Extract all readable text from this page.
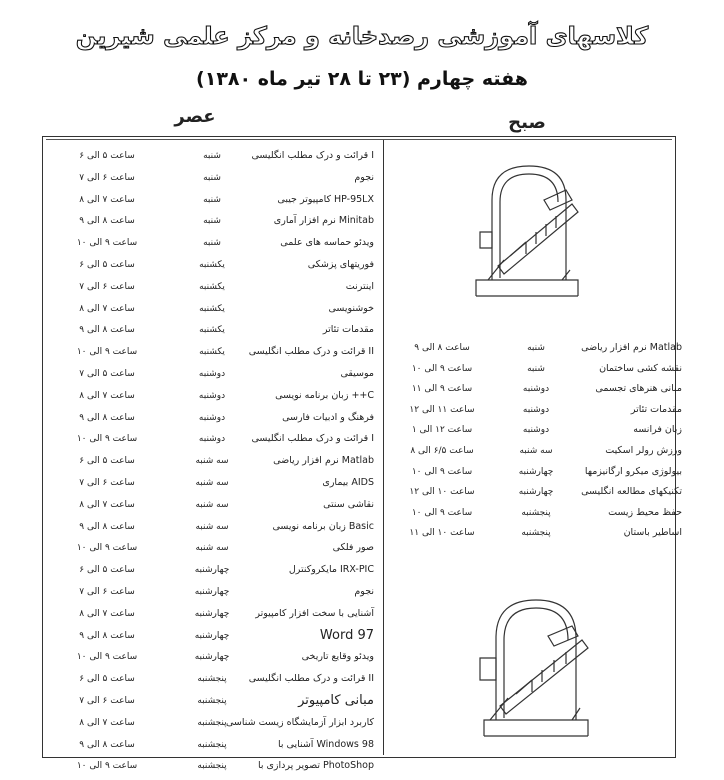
کلاسهای آموزشی رصدخانه و مرکز علمی شیرین
هفته چهارم (۲۳ تا ۲۸ تیر ماه ۱۳۸۰)
عصر	صبح
قرائت و درک مطلب انگلیسی I
شنبه
ساعت ۵ الی ۶
نجوم
شنبه
ساعت ۶ الی ۷
کامپیوتر جیبی HP-95LX
شنبه
ساعت ۷ الی ۸
نرم افزار آماری Minitab
شنبه
ساعت ۸ الی ۹
ویدئو حماسه های علمی
شنبه
ساعت ۹ الی ۱۰
فوریتهای پزشکی
یکشنبه
ساعت ۵ الی ۶
اینترنت
یکشنبه
ساعت ۶ الی ۷
خوشنویسی
یکشنبه
ساعت ۷ الی ۸
مقدمات تئاتر
یکشنبه
ساعت ۸ الی ۹
قرائت و درک مطلب انگلیسی II
یکشنبه
ساعت ۹ الی ۱۰
موسیقی
دوشنبه
ساعت ۵ الی ۷
زبان برنامه نویسی ++C
دوشنبه
ساعت ۷ الی ۸
فرهنگ و ادبیات فارسی
دوشنبه
ساعت ۸ الی ۹
قرائت و درک مطلب انگلیسی I
دوشنبه
ساعت ۹ الی ۱۰
نرم افزار ریاضی Matlab
سه شنبه
ساعت ۵ الی ۶
بیماری AIDS
سه شنبه
ساعت ۶ الی ۷
نقاشی سنتی
سه شنبه
ساعت ۷ الی ۸
زبان برنامه نویسی Basic
سه شنبه
ساعت ۸ الی ۹
صور فلکی
سه شنبه
ساعت ۹ الی ۱۰
مایکروکنترل IRX-PIC
چهارشنبه
ساعت ۵ الی ۶
نجوم
چهارشنبه
ساعت ۶ الی ۷
آشنایی با سخت افزار کامپیوتر
چهارشنبه
ساعت ۷ الی ۸
Word 97
چهارشنبه
ساعت ۸ الی ۹
ویدئو وقایع تاریخی
چهارشنبه
ساعت ۹ الی ۱۰
قرائت و درک مطلب انگلیسی II
پنجشنبه
ساعت ۵ الی ۶
مبانی کامپیوتر
پنجشنبه
ساعت ۶ الی ۷
کاربرد ابزار آزمایشگاه زیست شناسی
پنجشنبه
ساعت ۷ الی ۸
آشنایی با Windows 98
پنجشنبه
ساعت ۸ الی ۹
تصویر پردازی با PhotoShop
پنجشنبه
ساعت ۹ الی ۱۰
نرم افزار ریاضی Matlab
شنبه
ساعت ۸ الی ۹
نقشه کشی ساختمان
شنبه
ساعت ۹ الی ۱۰
مبانی هنرهای تجسمی
دوشنبه
ساعت ۹ الی ۱۱
مقدمات تئاتر
دوشنبه
ساعت ۱۱ الی ۱۲
زبان فرانسه
دوشنبه
ساعت ۱۲ الی ۱
ورزش رولر اسکیت
سه شنبه
ساعت ۶/۵ الی ۸
بیولوژی میکرو ارگانیزمها
چهارشنبه
ساعت ۹ الی ۱۰
تکنیکهای مطالعه انگلیسی
چهارشنبه
ساعت ۱۰ الی ۱۲
حفظ محیط زیست
پنجشنبه
ساعت ۹ الی ۱۰
اساطیر باستان
پنجشنبه
ساعت ۱۰ الی ۱۱
